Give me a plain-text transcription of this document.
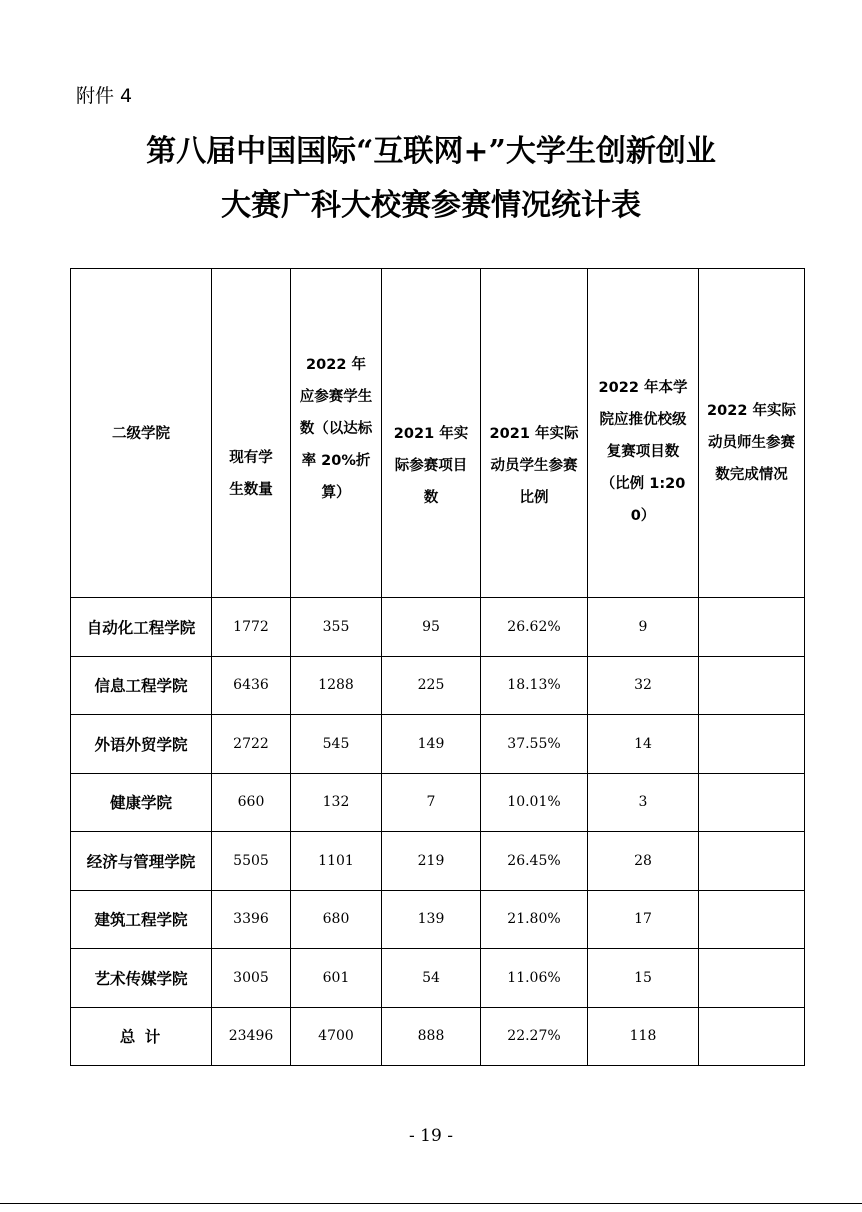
附件 4
第八届中国国际“互联网+”大学生创新创业
大赛广科大校赛参赛情况统计表
二级学院	现有学生数量	2022 年应参赛学生数（以达标率 20%折算）	2021 年实际参赛项目数	2021 年实际动员学生参赛比例	2022 年本学院应推优校级复赛项目数（比例 1:200）	2022 年实际动员师生参赛数完成情况
自动化工程学院	1772	355	95	26.62%	9	
信息工程学院	6436	1288	225	18.13%	32	
外语外贸学院	2722	545	149	37.55%	14	
健康学院	660	132	7	10.01%	3	
经济与管理学院	5505	1101	219	26.45%	28	
建筑工程学院	3396	680	139	21.80%	17	
艺术传媒学院	3005	601	54	11.06%	15	
总 计	23496	4700	888	22.27%	118	
- 19 -
